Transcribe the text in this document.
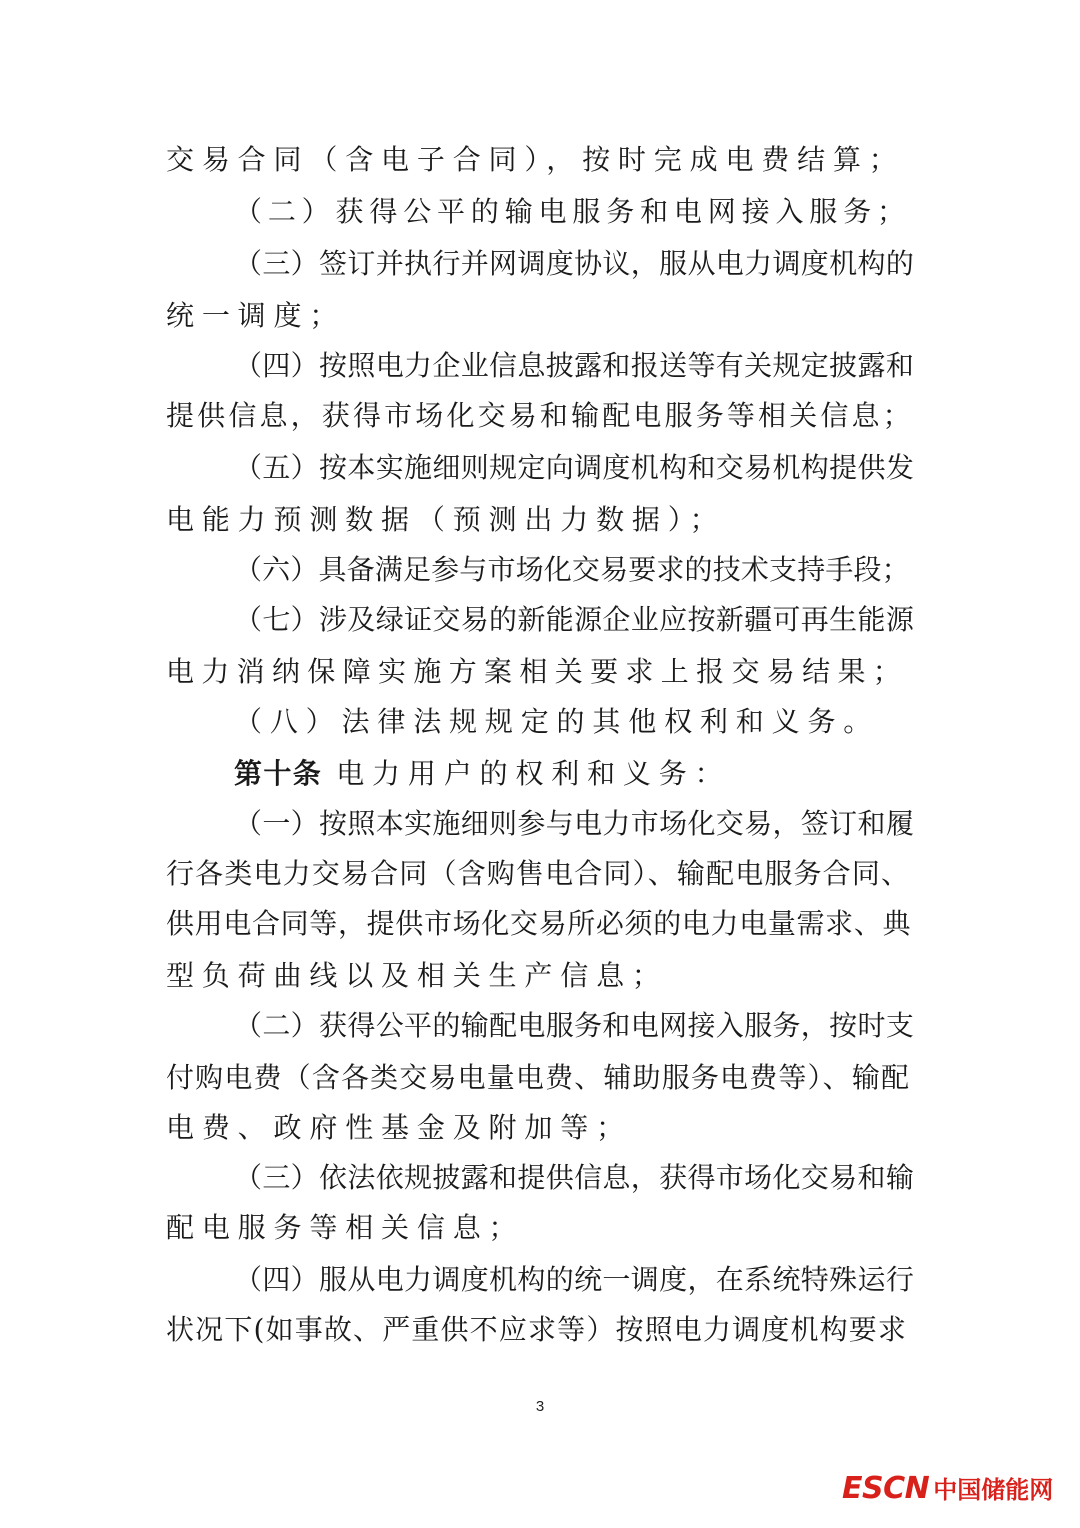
交易合同（含电子合同），按时完成电费结算；
（二）获得公平的输电服务和电网接入服务；
（三）签订并执行并网调度协议，服从电力调度机构的
统一调度；
（四）按照电力企业信息披露和报送等有关规定披露和
提供信息，获得市场化交易和输配电服务等相关信息；
（五）按本实施细则规定向调度机构和交易机构提供发
电能力预测数据（预测出力数据）；
（六）具备满足参与市场化交易要求的技术支持手段；
（七）涉及绿证交易的新能源企业应按新疆可再生能源
电力消纳保障实施方案相关要求上报交易结果；
（八）法律法规规定的其他权利和义务。
第十条 电力用户的权利和义务：
（一）按照本实施细则参与电力市场化交易，签订和履
行各类电力交易合同（含购售电合同）、输配电服务合同、
供用电合同等，提供市场化交易所必须的电力电量需求、典
型负荷曲线以及相关生产信息；
（二）获得公平的输配电服务和电网接入服务，按时支
付购电费（含各类交易电量电费、辅助服务电费等）、输配
电费、政府性基金及附加等；
（三）依法依规披露和提供信息，获得市场化交易和输
配电服务等相关信息；
（四）服从电力调度机构的统一调度，在系统特殊运行
状况下(如事故、严重供不应求等）按照电力调度机构要求
3
ESCN 中国储能网
